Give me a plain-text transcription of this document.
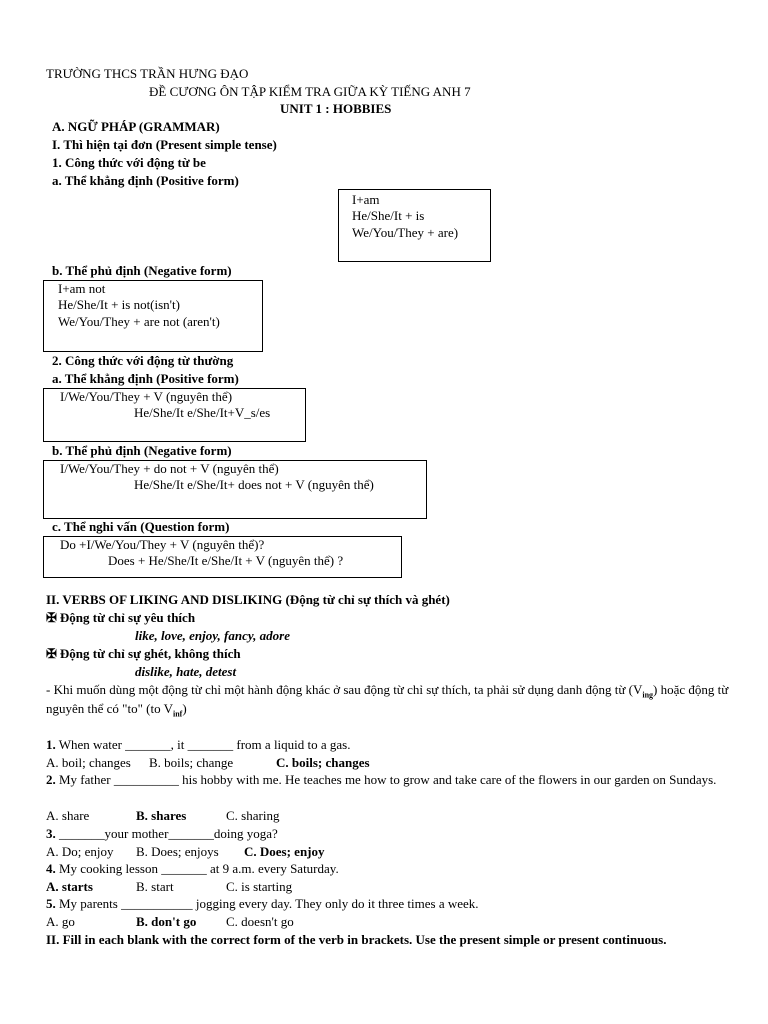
TRƯỜNG THCS TRẦN HƯNG ĐẠO
ĐỀ CƯƠNG ÔN TẬP KIỂM TRA GIỮA KỲ TIẾNG ANH 7
UNIT 1 : HOBBIES
A. NGỮ PHÁP (GRAMMAR)
I. Thì hiện tại đơn (Present simple tense)
1. Công thức với động từ be
a. Thể khẳng định (Positive form)
I+am
He/She/It + is
We/You/They + are)
b. Thể phủ định (Negative form)
I+am not
He/She/It + is not(isn't)
We/You/They + are not (aren't)
2. Công thức với động từ thường
a. Thể khẳng định (Positive form)
I/We/You/They + V (nguyên thể)
He/She/It e/She/It+V_s/es
b. Thể phủ định (Negative form)
I/We/You/They + do not + V (nguyên thể)
He/She/It e/She/It+ does not + V (nguyên thể)
c. Thể nghi vấn (Question form)
Do +I/We/You/They + V (nguyên thể)?
Does + He/She/It e/She/It + V (nguyên thể) ?
II. VERBS OF LIKING AND DISLIKING (Động từ chỉ sự thích và ghét)
✠ Động từ chỉ sự yêu thích
like, love, enjoy, fancy, adore
✠ Động từ chỉ sự ghét, không thích
dislike, hate, detest
- Khi muốn dùng một động từ chỉ một hành động khác ở sau động từ chỉ sự thích, ta phải sử dụng danh động từ $(V_{ing})$ hoặc động từ nguyên thể có "to" (to $V_{inf}$)
1. When water _______, it _______ from a liquid to a gas.
A. boil; changes B. boils; change	C. boils; changes
2. My father __________ his hobby with me. He teaches me how to grow and take care of the flowers in our garden on Sundays.
A. share	B. shares	C. sharing
3. _______your mother_______doing yoga?
A. Do; enjoy B. Does; enjoys C. Does; enjoy
4. My cooking lesson _______ at 9 a.m. every Saturday.
A. starts	B. start	C. is starting
5. My parents ___________ jogging every day. They only do it three times a week.
A. go	B. don't go C. doesn't go
II. Fill in each blank with the correct form of the verb in brackets. Use the present simple or present continuous.
